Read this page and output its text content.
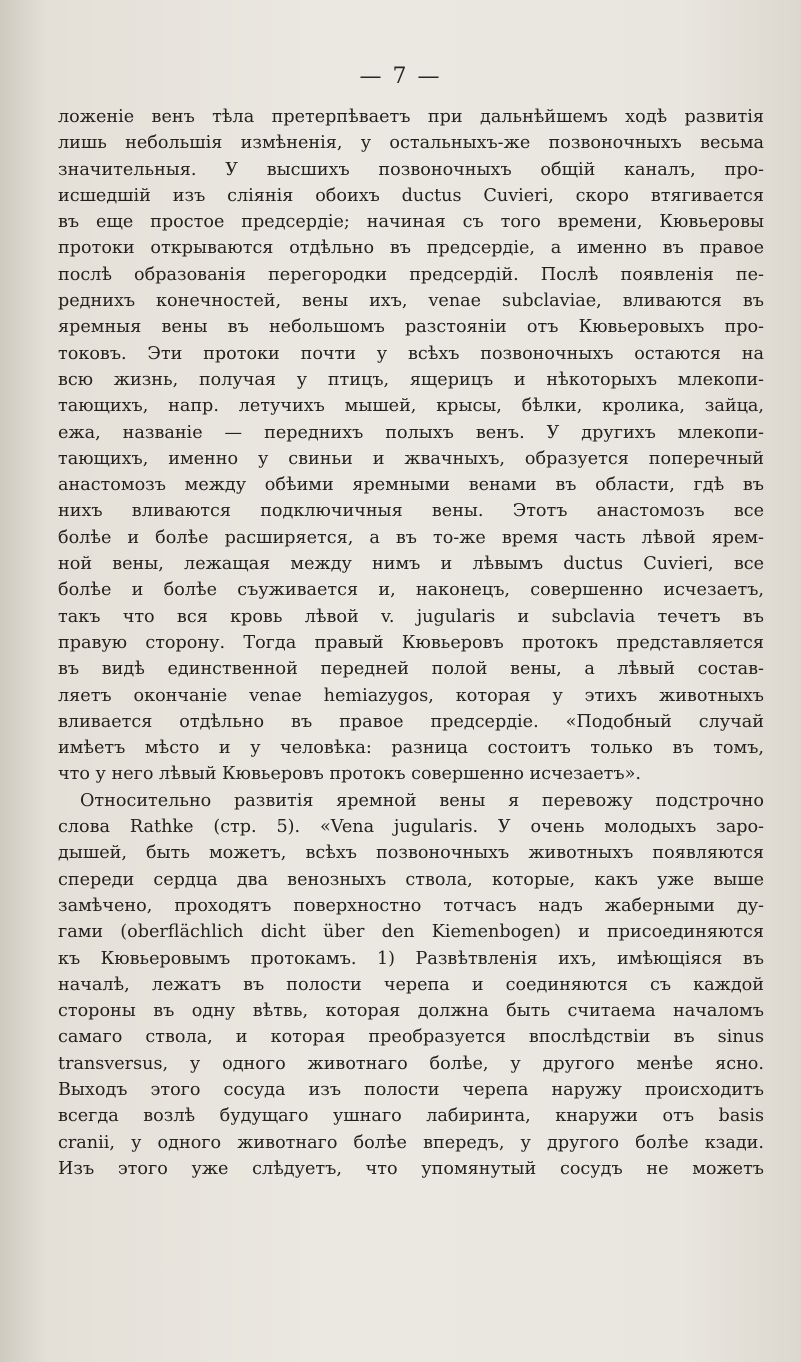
— 7 —
ложеніе венъ тѣла претерпѣваетъ при дальнѣйшемъ ходѣ развитія
лишь небольшія измѣненія, у остальныхъ-же позвоночныхъ весьма
значительныя. У высшихъ позвоночныхъ общій каналъ, про-
исшедшій изъ сліянія обоихъ ductus Cuvieri, скоро втягивается
въ еще простое предсердіе; начиная съ того времени, Кювьеровы
протоки открываются отдѣльно въ предсердіе, а именно въ правое
послѣ образованія перегородки предсердій. Послѣ появленія пе-
реднихъ конечностей, вены ихъ, venae subclaviae, вливаются въ
яремныя вены въ небольшомъ разстояніи отъ Кювьеровыхъ про-
токовъ. Эти протоки почти у всѣхъ позвоночныхъ остаются на
всю жизнь, получая у птицъ, ящерицъ и нѣкоторыхъ млекопи-
тающихъ, напр. летучихъ мышей, крысы, бѣлки, кролика, зайца,
ежа, названіе — переднихъ полыхъ венъ. У другихъ млекопи-
тающихъ, именно у свиньи и жвачныхъ, образуется поперечный
анастомозъ между обѣими яремными венами въ области, гдѣ въ
нихъ вливаются подключичныя вены. Этотъ анастомозъ все
болѣе и болѣе расширяется, а въ то-же время часть лѣвой ярем-
ной вены, лежащая между нимъ и лѣвымъ ductus Cuvieri, все
болѣе и болѣе съуживается и, наконецъ, совершенно исчезаетъ,
такъ что вся кровь лѣвой v. jugularis и subclavia течетъ въ
правую сторону. Тогда правый Кювьеровъ протокъ представляется
въ видѣ единственной передней полой вены, а лѣвый состав-
ляетъ окончаніе venae hemiazygos, которая у этихъ животныхъ
вливается отдѣльно въ правое предсердіе. «Подобный случай
имѣетъ мѣсто и у человѣка: разница состоитъ только въ томъ,
что у него лѣвый Кювьеровъ протокъ совершенно исчезаетъ».
Относительно развитія яремной вены я перевожу подстрочно
слова Rathke (стр. 5). «Vena jugularis. У очень молодыхъ заро-
дышей, быть можетъ, всѣхъ позвоночныхъ животныхъ появляются
спереди сердца два венозныхъ ствола, которые, какъ уже выше
замѣчено, проходятъ поверхностно тотчасъ надъ жаберными ду-
гами (oberflächlich dicht über den Kiemenbogen) и присоединяются
къ Кювьеровымъ протокамъ. 1) Развѣтвленія ихъ, имѣющіяся въ
началѣ, лежатъ въ полости черепа и соединяются съ каждой
стороны въ одну вѣтвь, которая должна быть считаема началомъ
самаго ствола, и которая преобразуется впослѣдствіи въ sinus
transversus, у одного животнаго болѣе, у другого менѣе ясно.
Выходъ этого сосуда изъ полости черепа наружу происходитъ
всегда возлѣ будущаго ушнаго лабиринта, кнаружи отъ basis
cranii, у одного животнаго болѣе впередъ, у другого болѣе кзади.
Изъ этого уже слѣдуетъ, что упомянутый сосудъ не можетъ
